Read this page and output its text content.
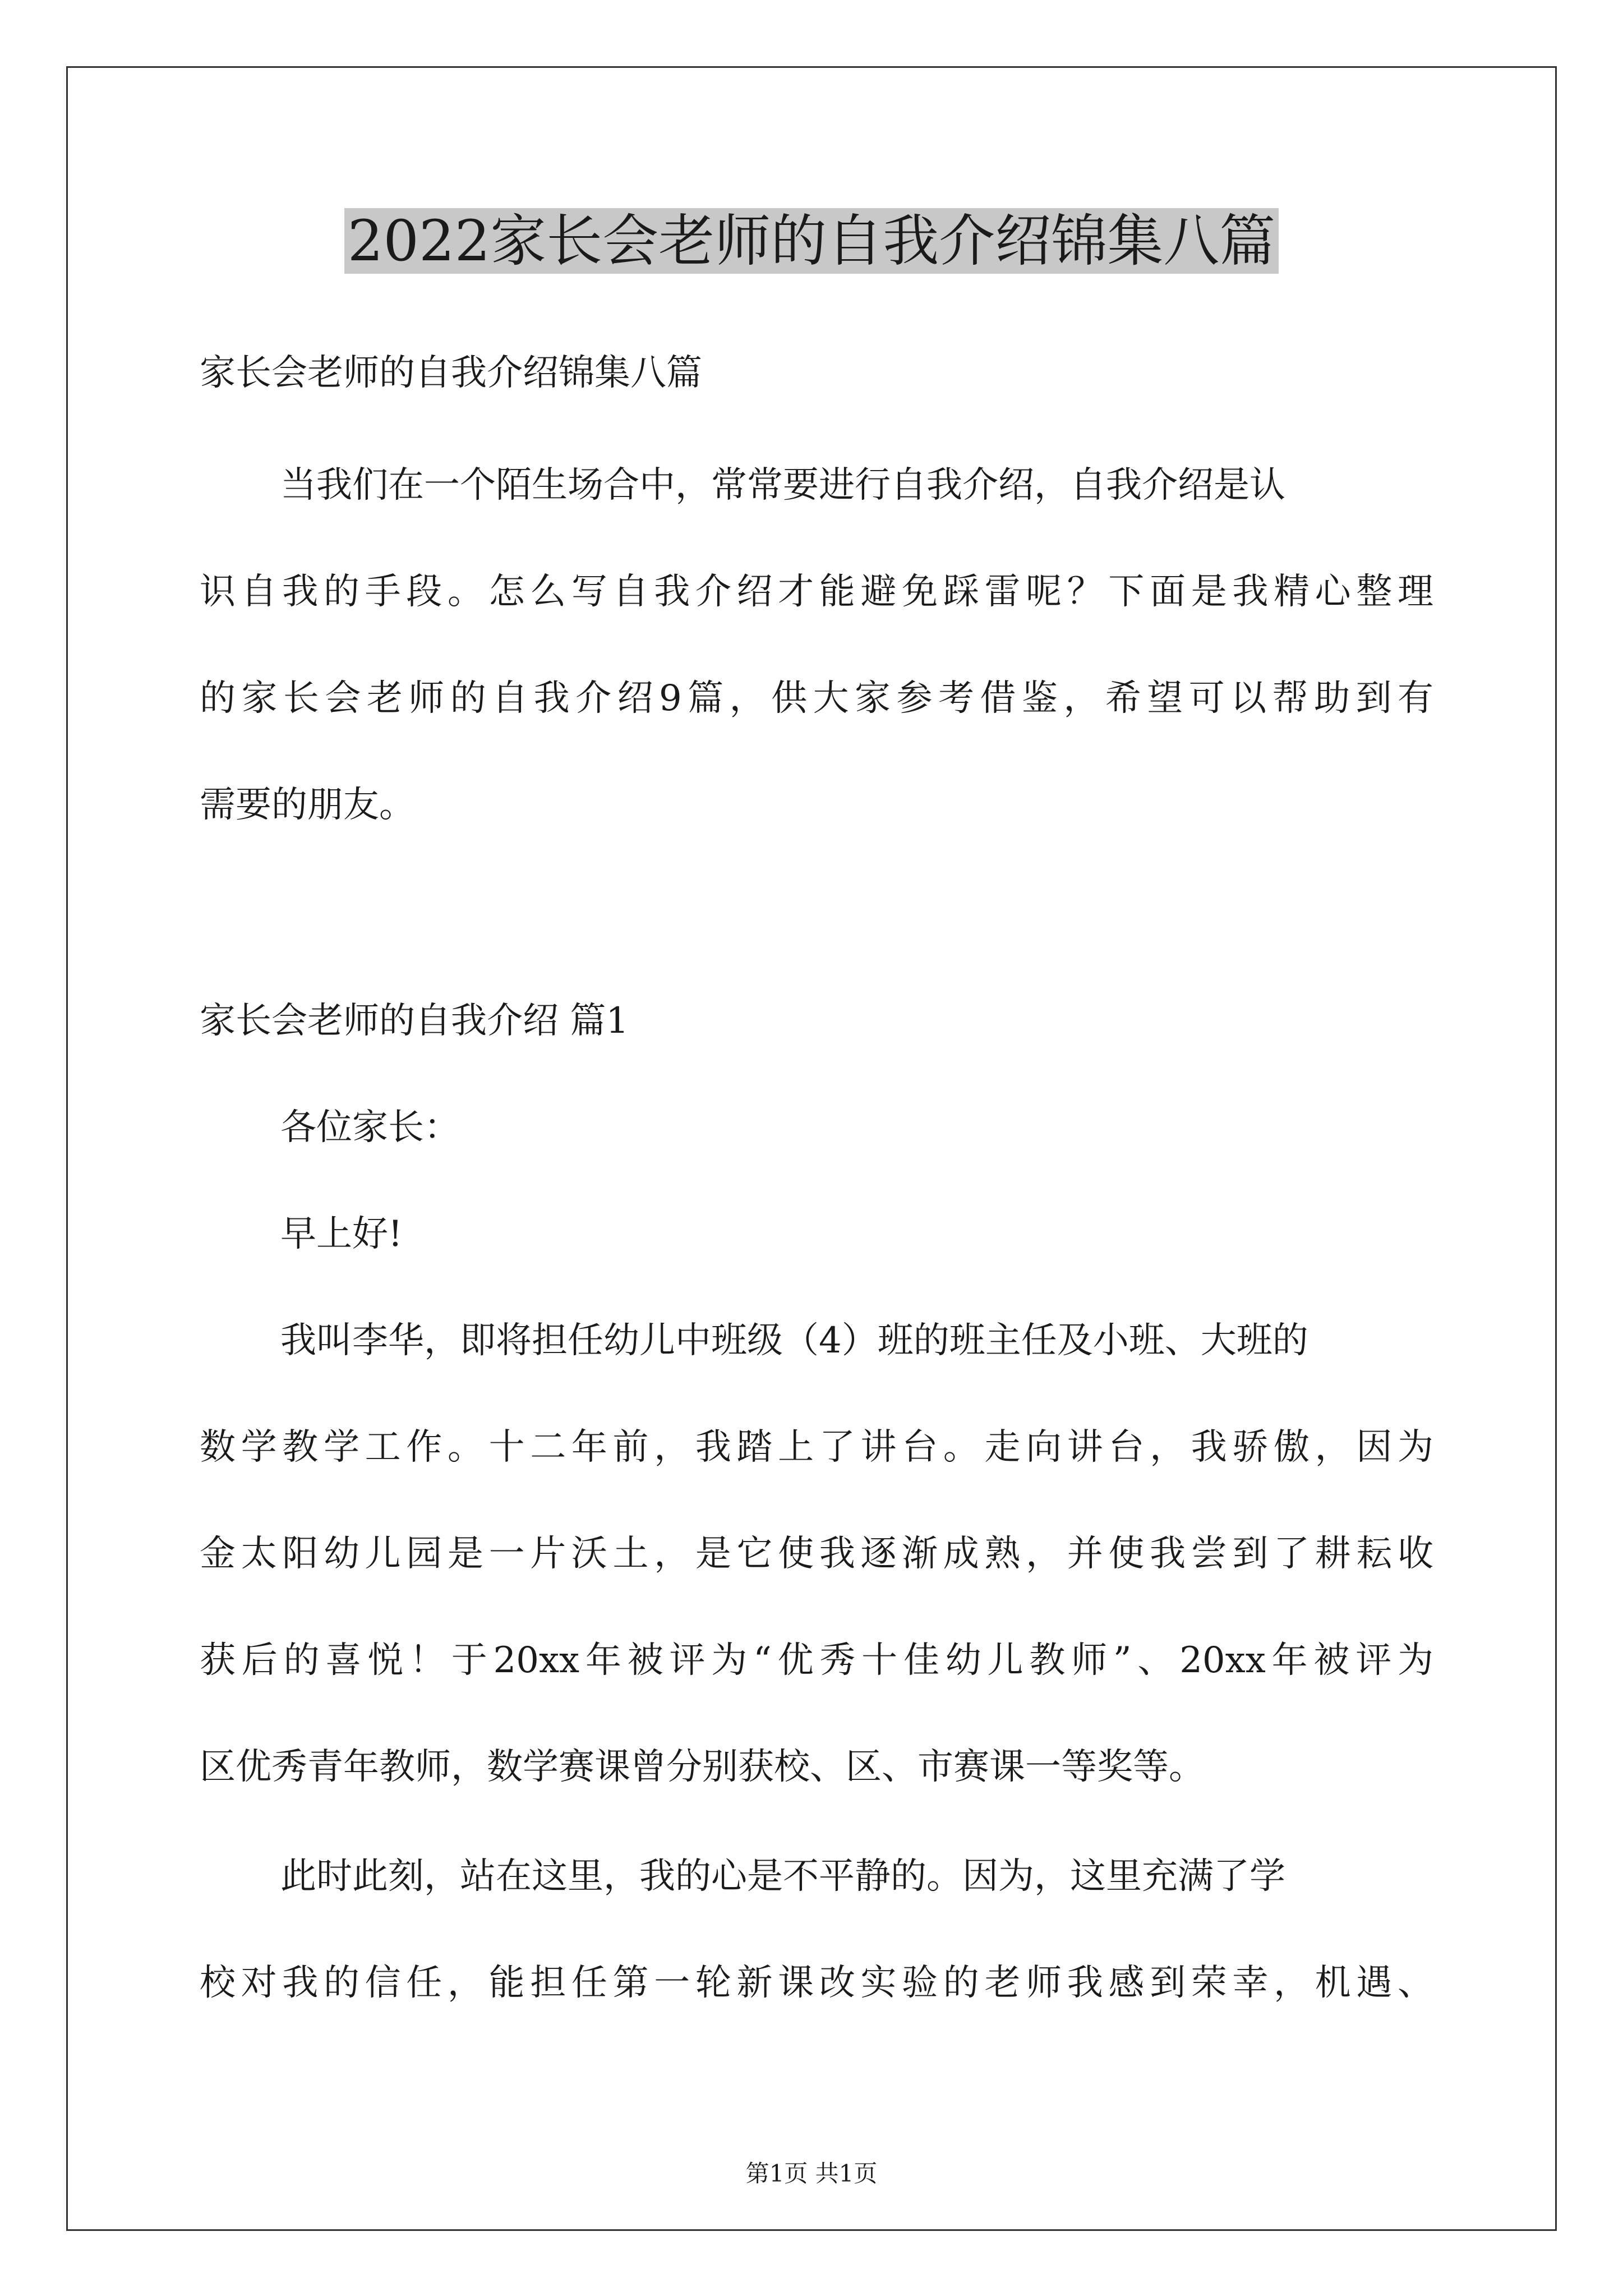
2022家长会老师的自我介绍锦集八篇
家长会老师的自我介绍锦集八篇
当我们在一个陌生场合中，常常要进行自我介绍，自我介绍是认
识自我的手段。怎么写自我介绍才能避免踩雷呢？下面是我精心整理
的家长会老师的自我介绍9篇，供大家参考借鉴，希望可以帮助到有
需要的朋友。
家长会老师的自我介绍 篇1
各位家长：
早上好!
我叫李华，即将担任幼儿中班级（4）班的班主任及小班、大班的
数学教学工作。十二年前，我踏上了讲台。走向讲台，我骄傲，因为
金太阳幼儿园是一片沃土，是它使我逐渐成熟，并使我尝到了耕耘收
获后的喜悦！于20xx年被评为“优秀十佳幼儿教师”、20xx年被评为
区优秀青年教师，数学赛课曾分别获校、区、市赛课一等奖等。
此时此刻，站在这里，我的心是不平静的。因为，这里充满了学
校对我的信任，能担任第一轮新课改实验的老师我感到荣幸，机遇、
第1页 共1页
